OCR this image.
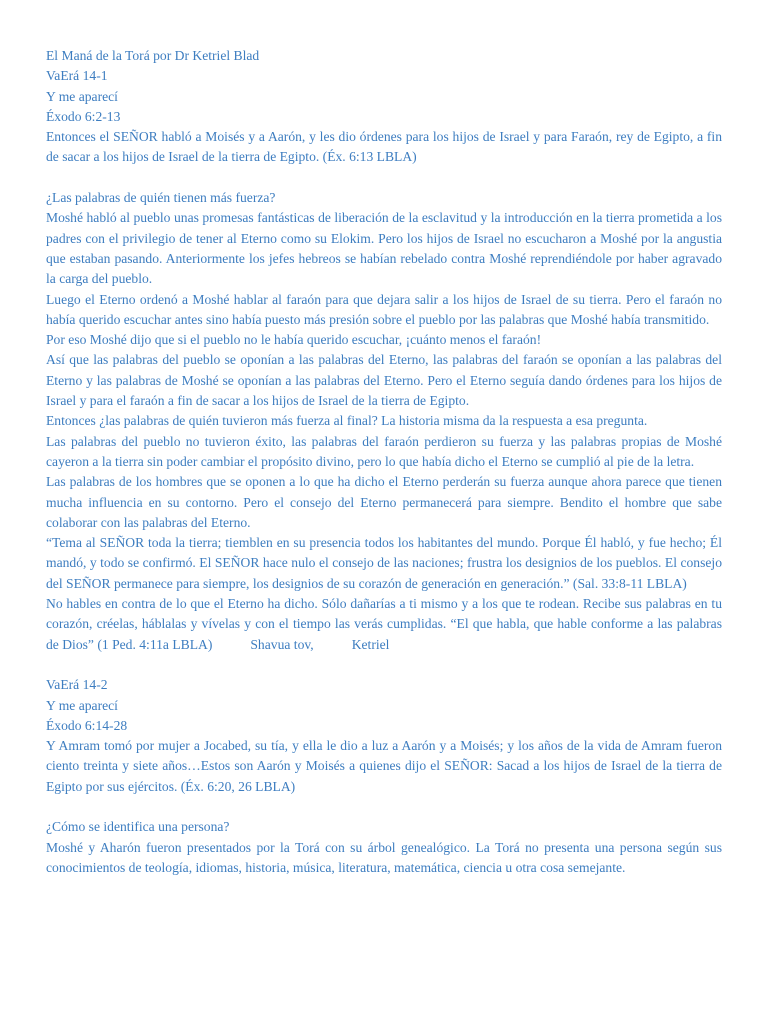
El Maná de la Torá por Dr Ketriel Blad
VaErá 14-1
Y me aparecí
Éxodo 6:2-13

Entonces el SEÑOR habló a Moisés y a Aarón, y les dio órdenes para los hijos de Israel y para Faraón, rey de Egipto, a fin de sacar a los hijos de Israel de la tierra de Egipto. (Éx. 6:13 LBLA)

¿Las palabras de quién tienen más fuerza?

Moshé habló al pueblo unas promesas fantásticas de liberación de la esclavitud y la introducción en la tierra prometida a los padres con el privilegio de tener al Eterno como su Elokim. Pero los hijos de Israel no escucharon a Moshé por la angustia que estaban pasando. Anteriormente los jefes hebreos se habían rebelado contra Moshé reprendiéndole por haber agravado la carga del pueblo.

Luego el Eterno ordenó a Moshé hablar al faraón para que dejara salir a los hijos de Israel de su tierra. Pero el faraón no había querido escuchar antes sino había puesto más presión sobre el pueblo por las palabras que Moshé había transmitido.

Por eso Moshé dijo que si el pueblo no le había querido escuchar, ¡cuánto menos el faraón!

Así que las palabras del pueblo se oponían a las palabras del Eterno, las palabras del faraón se oponían a las palabras del Eterno y las palabras de Moshé se oponían a las palabras del Eterno. Pero el Eterno seguía dando órdenes para los hijos de Israel y para el faraón a fin de sacar a los hijos de Israel de la tierra de Egipto.

Entonces ¿las palabras de quién tuvieron más fuerza al final? La historia misma da la respuesta a esa pregunta.

Las palabras del pueblo no tuvieron éxito, las palabras del faraón perdieron su fuerza y las palabras propias de Moshé cayeron a la tierra sin poder cambiar el propósito divino, pero lo que había dicho el Eterno se cumplió al pie de la letra.

Las palabras de los hombres que se oponen a lo que ha dicho el Eterno perderán su fuerza aunque ahora parece que tienen mucha influencia en su contorno. Pero el consejo del Eterno permanecerá para siempre. Bendito el hombre que sabe colaborar con las palabras del Eterno.

“Tema al SEÑOR toda la tierra; tiemblen en su presencia todos los habitantes del mundo. Porque Él habló, y fue hecho; Él mandó, y todo se confirmó. El SEÑOR hace nulo el consejo de las naciones; frustra los designios de los pueblos. El consejo del SEÑOR permanece para siempre, los designios de su corazón de generación en generación.” (Sal. 33:8-11 LBLA)

No hables en contra de lo que el Eterno ha dicho. Sólo dañarías a ti mismo y a los que te rodean. Recibe sus palabras en tu corazón, créelas, háblalas y vívelas y con el tiempo las verás cumplidas. “El que habla, que hable conforme a las palabras de Dios” (1 Ped. 4:11a LBLA)	Shavua tov,	Ketriel

VaErá 14-2
Y me aparecí
Éxodo 6:14-28

Y Amram tomó por mujer a Jocabed, su tía, y ella le dio a luz a Aarón y a Moisés; y los años de la vida de Amram fueron ciento treinta y siete años…Estos son Aarón y Moisés a quienes dijo el SEÑOR: Sacad a los hijos de Israel de la tierra de Egipto por sus ejércitos. (Éx. 6:20, 26 LBLA)

¿Cómo se identifica una persona?

Moshé y Aharón fueron presentados por la Torá con su árbol genealógico. La Torá no presenta una persona según sus conocimientos de teología, idiomas, historia, música, literatura, matemática, ciencia u otra cosa semejante.
